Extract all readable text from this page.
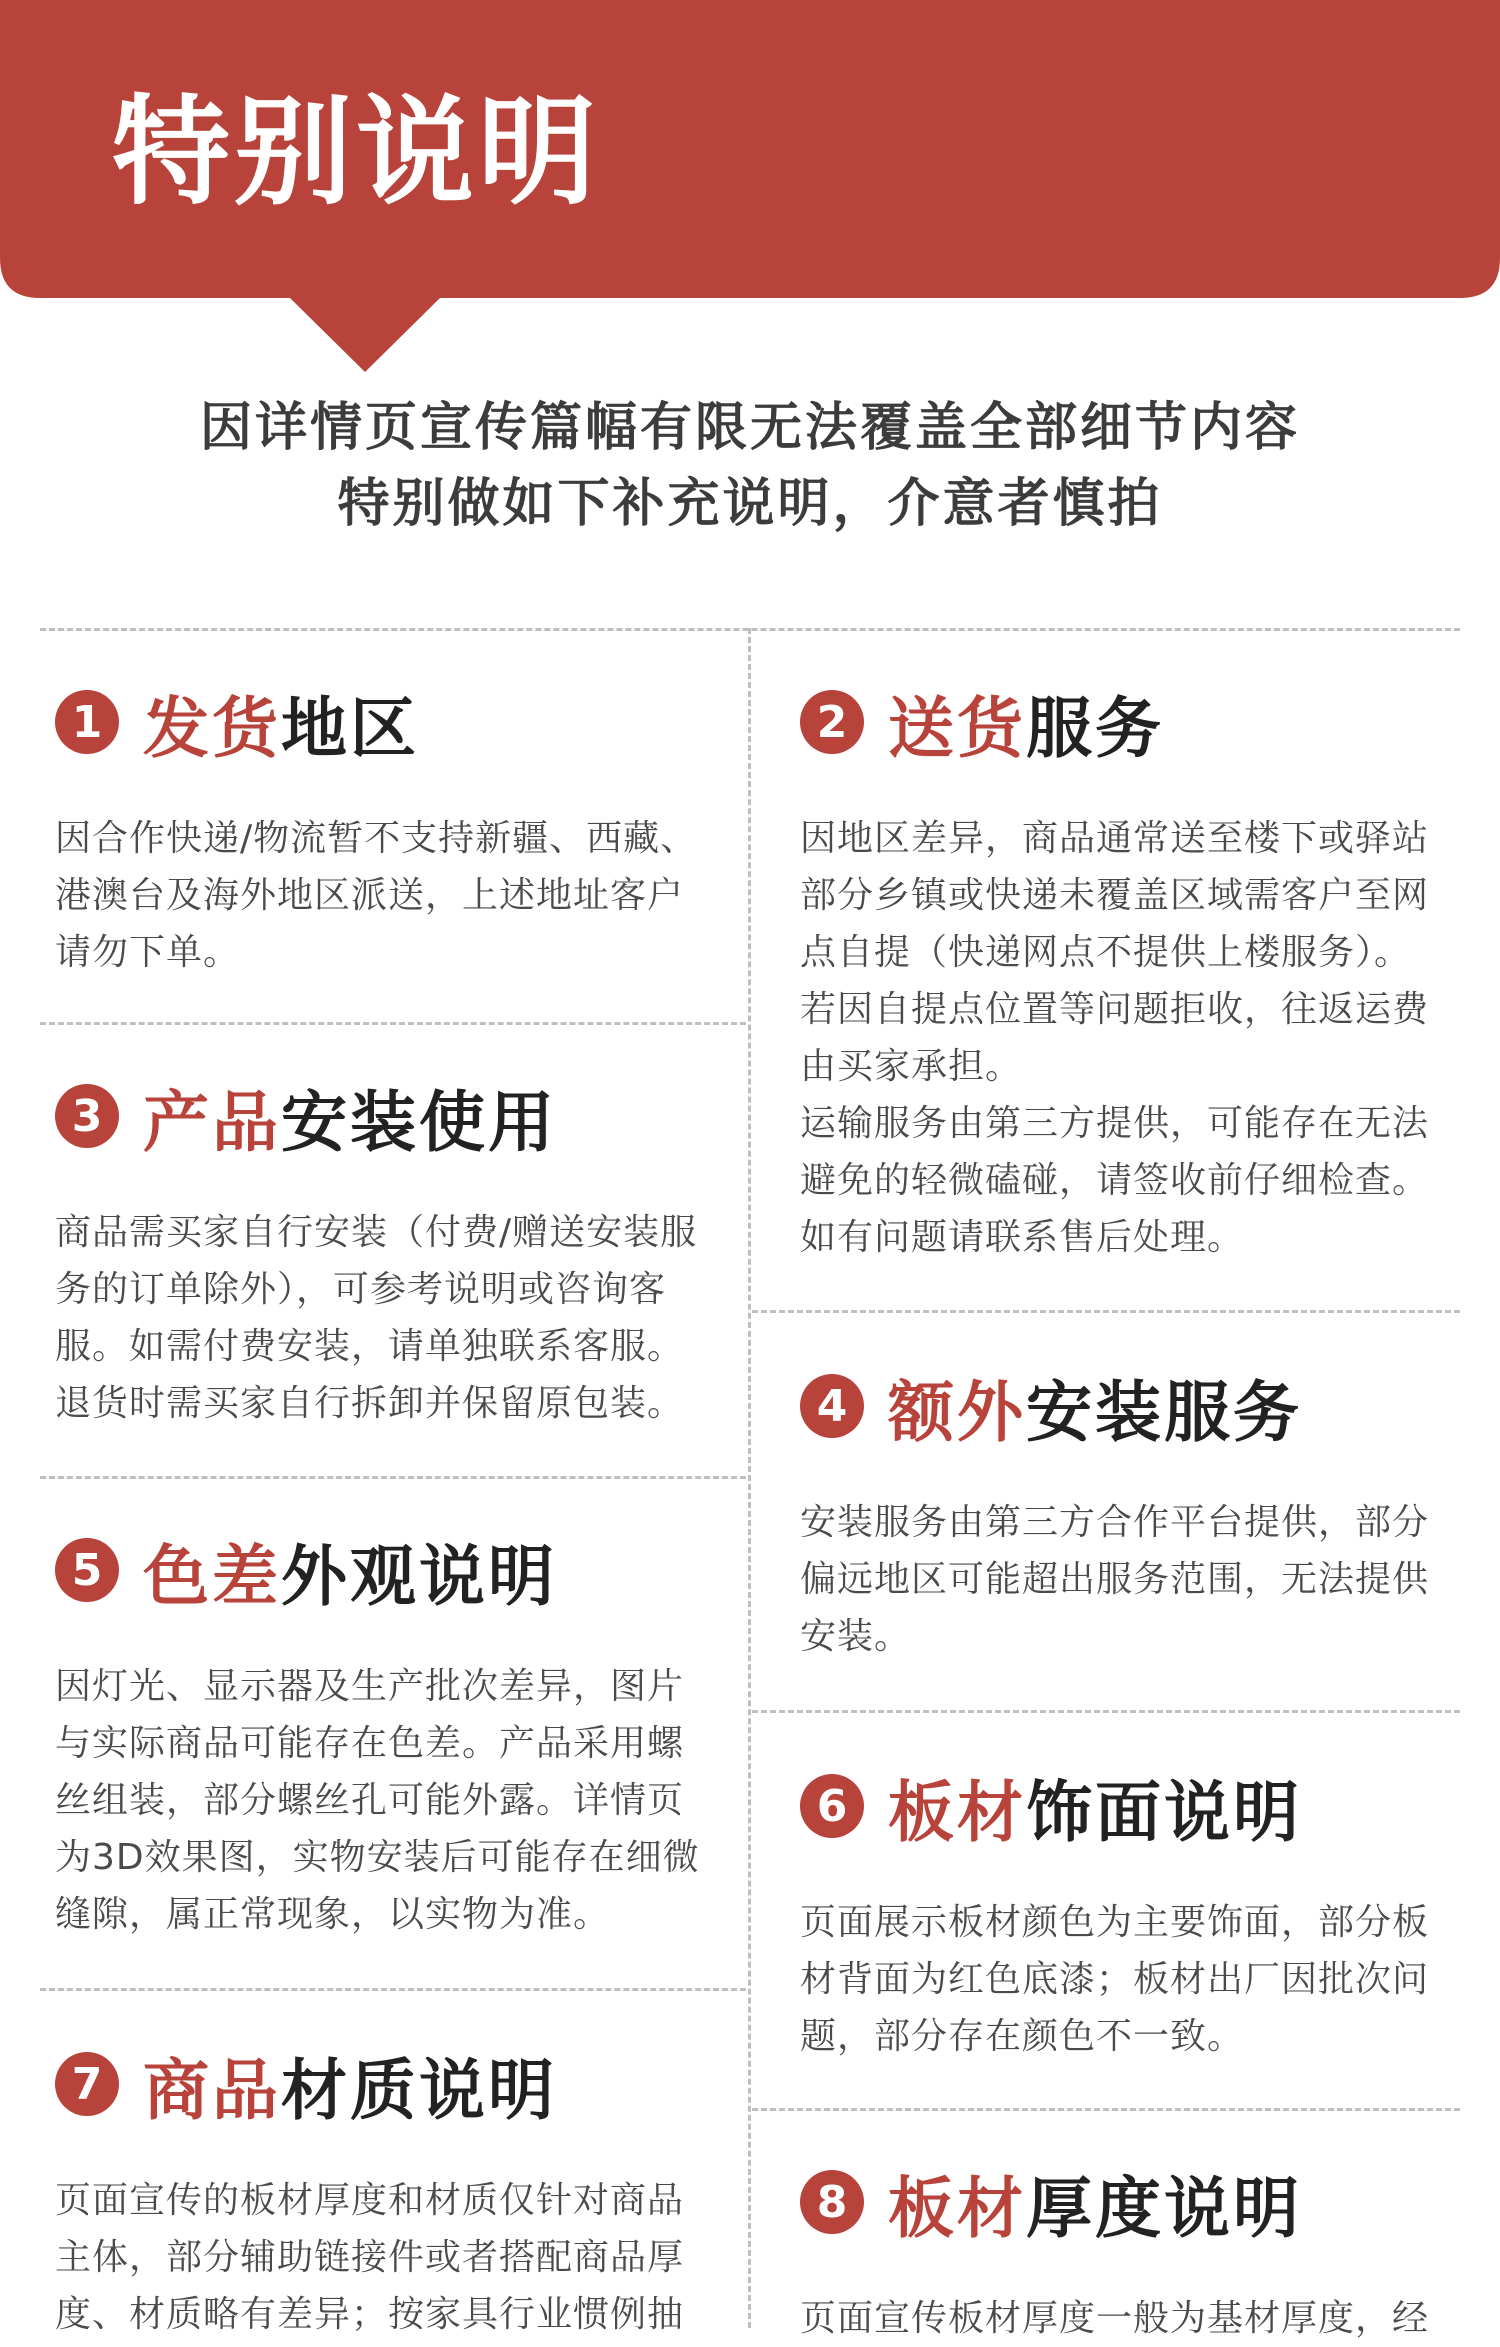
特别说明
因详情页宣传篇幅有限无法覆盖全部细节内容
特别做如下补充说明，介意者慎拍
1 发货地区

因合作快递/物流暂不支持新疆、西藏、

港澳台及海外地区派送，上述地址客户

请勿下单。

2 送货服务

因地区差异，商品通常送至楼下或驿站

部分乡镇或快递未覆盖区域需客户至网

点自提（快递网点不提供上楼服务）。

若因自提点位置等问题拒收，往返运费

由买家承担。

运输服务由第三方提供，可能存在无法

避免的轻微磕碰，请签收前仔细检查。

如有问题请联系售后处理。

3 产品安装使用

商品需买家自行安装（付费/赠送安装服

务的订单除外），可参考说明或咨询客

服。如需付费安装，请单独联系客服。

退货时需买家自行拆卸并保留原包装。	4 额外安装服务

安装服务由第三方合作平台提供，部分

偏远地区可能超出服务范围，无法提供

安装。

5 色差外观说明

因灯光、显示器及生产批次差异，图片

与实际商品可能存在色差。产品采用螺

丝组装，部分螺丝孔可能外露。详情页

为3D效果图，实物安装后可能存在细微

缝隙，属正常现象，以实物为准。

6 板材饰面说明

页面展示板材颜色为主要饰面，部分板

材背面为红色底漆；板材出厂因批次问

题，部分存在颜色不一致。

7 商品材质说明

页面宣传的板材厚度和材质仅针对商品

主体，部分辅助链接件或者搭配商品厚

度、材质略有差异；按家具行业惯例抽

8 板材厚度说明

页面宣传板材厚度一般为基材厚度，经
